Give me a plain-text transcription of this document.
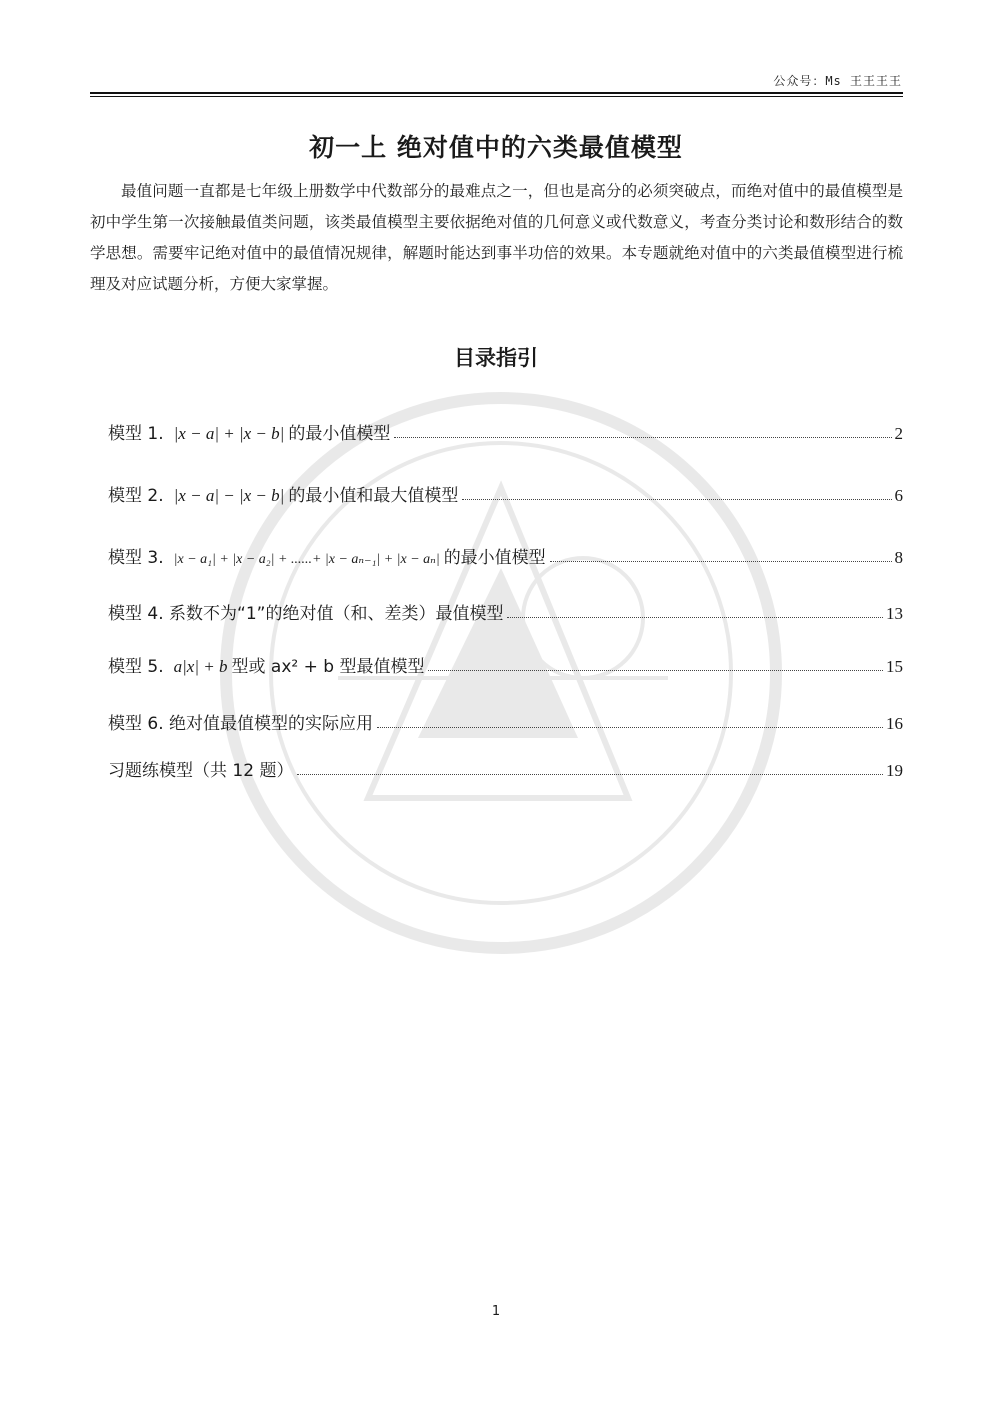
公众号：Ms 王王王王
初一上 绝对值中的六类最值模型
最值问题一直都是七年级上册数学中代数部分的最难点之一，但也是高分的必须突破点，而绝对值中的最值模型是初中学生第一次接触最值类问题，该类最值模型主要依据绝对值的几何意义或代数意义，考查分类讨论和数形结合的数学思想。需要牢记绝对值中的最值情况规律，解题时能达到事半功倍的效果。本专题就绝对值中的六类最值模型进行梳理及对应试题分析，方便大家掌握。
目录指引
模型 1. |x − a| + |x − b| 的最小值模型	2
模型 2. |x − a| − |x − b| 的最小值和最大值模型	6
模型 3. |x − a₁| + |x − a₂| + ......+ |x − aₙ₋₁| + |x − aₙ| 的最小值模型	8
模型 4. 系数不为“1”的绝对值（和、差类）最值模型	13
模型 5. a|x| + b 型或 ax² + b 型最值模型	15
模型 6. 绝对值最值模型的实际应用	16
习题练模型（共 12 题）	19
1
